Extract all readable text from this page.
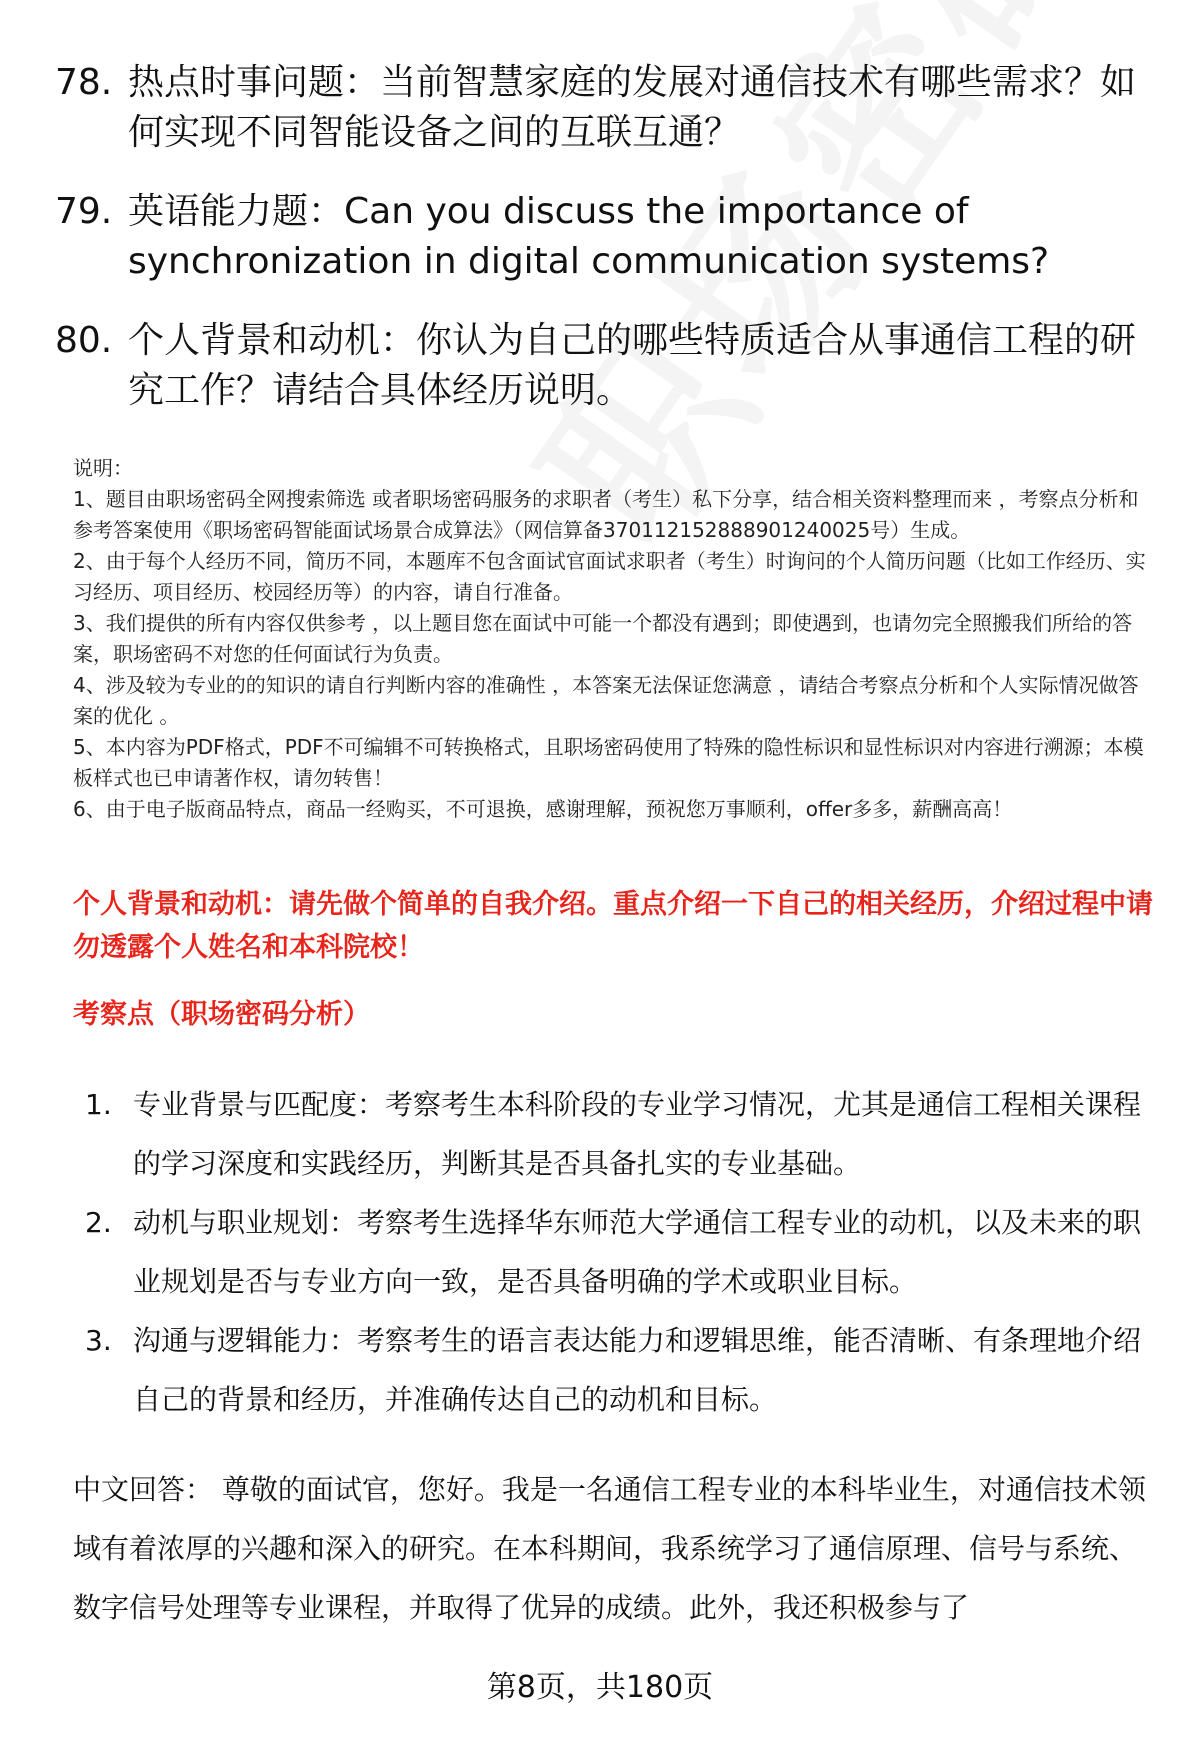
78. 热点时事问题：当前智慧家庭的发展对通信技术有哪些需求？如何实现不同智能设备之间的互联互通？
79. 英语能力题：Can you discuss the importance of synchronization in digital communication systems?
80. 个人背景和动机：你认为自己的哪些特质适合从事通信工程的研究工作？请结合具体经历说明。

说明：

1、题目由职场密码全网搜索筛选 或者职场密码服务的求职者（考生）私下分享，结合相关资料整理而来 ，考察点分析和参考答案使用《职场密码智能面试场景合成算法》（网信算备370112152888901240025号）生成。

2、由于每个人经历不同，简历不同，本题库不包含面试官面试求职者（考生）时询问的个人简历问题（比如工作经历、实习经历、项目经历、校园经历等）的内容，请自行准备。

3、我们提供的所有内容仅供参考 ，以上题目您在面试中可能一个都没有遇到；即使遇到，也请勿完全照搬我们所给的答案，职场密码不对您的任何面试行为负责。

4、涉及较为专业的的知识的请自行判断内容的准确性 ，本答案无法保证您满意 ，请结合考察点分析和个人实际情况做答案的优化 。

5、本内容为PDF格式，PDF不可编辑不可转换格式，且职场密码使用了特殊的隐性标识和显性标识对内容进行溯源；本模板样式也已申请著作权，请勿转售！

6、由于电子版商品特点，商品一经购买，不可退换，感谢理解，预祝您万事顺利，offer多多，薪酬高高！

个人背景和动机：请先做个简单的自我介绍。重点介绍一下自己的相关经历，介绍过程中请勿透露个人姓名和本科院校！
考察点（职场密码分析）
1. 专业背景与匹配度：考察考生本科阶段的专业学习情况，尤其是通信工程相关课程的学习深度和实践经历，判断其是否具备扎实的专业基础。
2. 动机与职业规划：考察考生选择华东师范大学通信工程专业的动机，以及未来的职业规划是否与专业方向一致，是否具备明确的学术或职业目标。
3. 沟通与逻辑能力：考察考生的语言表达能力和逻辑思维，能否清晰、有条理地介绍自己的背景和经历，并准确传达自己的动机和目标。
中文回答： 尊敬的面试官，您好。我是一名通信工程专业的本科毕业生，对通信技术领域有着浓厚的兴趣和深入的研究。在本科期间，我系统学习了通信原理、信号与系统、数字信号处理等专业课程，并取得了优异的成绩。此外，我还积极参与了
第8页，共180页
